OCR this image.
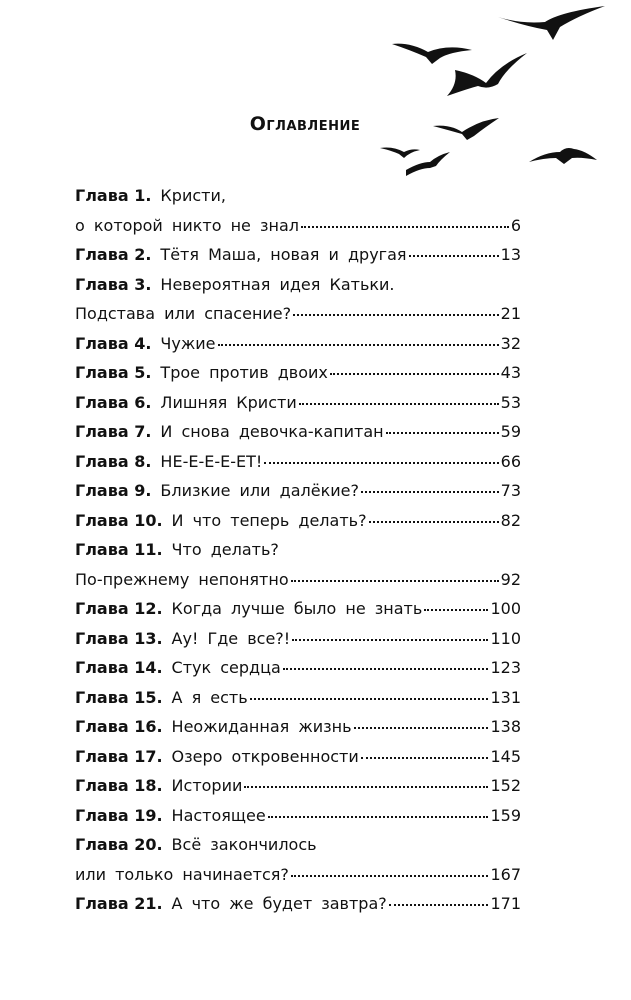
Оглавление
Глава 1. Кристи,
о которой никто не знал	6
Глава 2. Тётя Маша, новая и другая	13
Глава 3. Невероятная идея Катьки.
Подстава или спасение?	21
Глава 4. Чужие	32
Глава 5. Трое против двоих	43
Глава 6. Лишняя Кристи	53
Глава 7. И снова девочка-капитан	59
Глава 8. НЕ-Е-Е-Е-ЕТ!	66
Глава 9. Близкие или далёкие?	73
Глава 10. И что теперь делать?	82
Глава 11. Что делать?
По-прежнему непонятно	92
Глава 12. Когда лучше было не знать	100
Глава 13. Ау! Где все?!	110
Глава 14. Стук сердца	123
Глава 15. А я есть	131
Глава 16. Неожиданная жизнь	138
Глава 17. Озеро откровенности	145
Глава 18. Истории	152
Глава 19. Настоящее	159
Глава 20. Всё закончилось
или только начинается?	167
Глава 21. А что же будет завтра?	171
